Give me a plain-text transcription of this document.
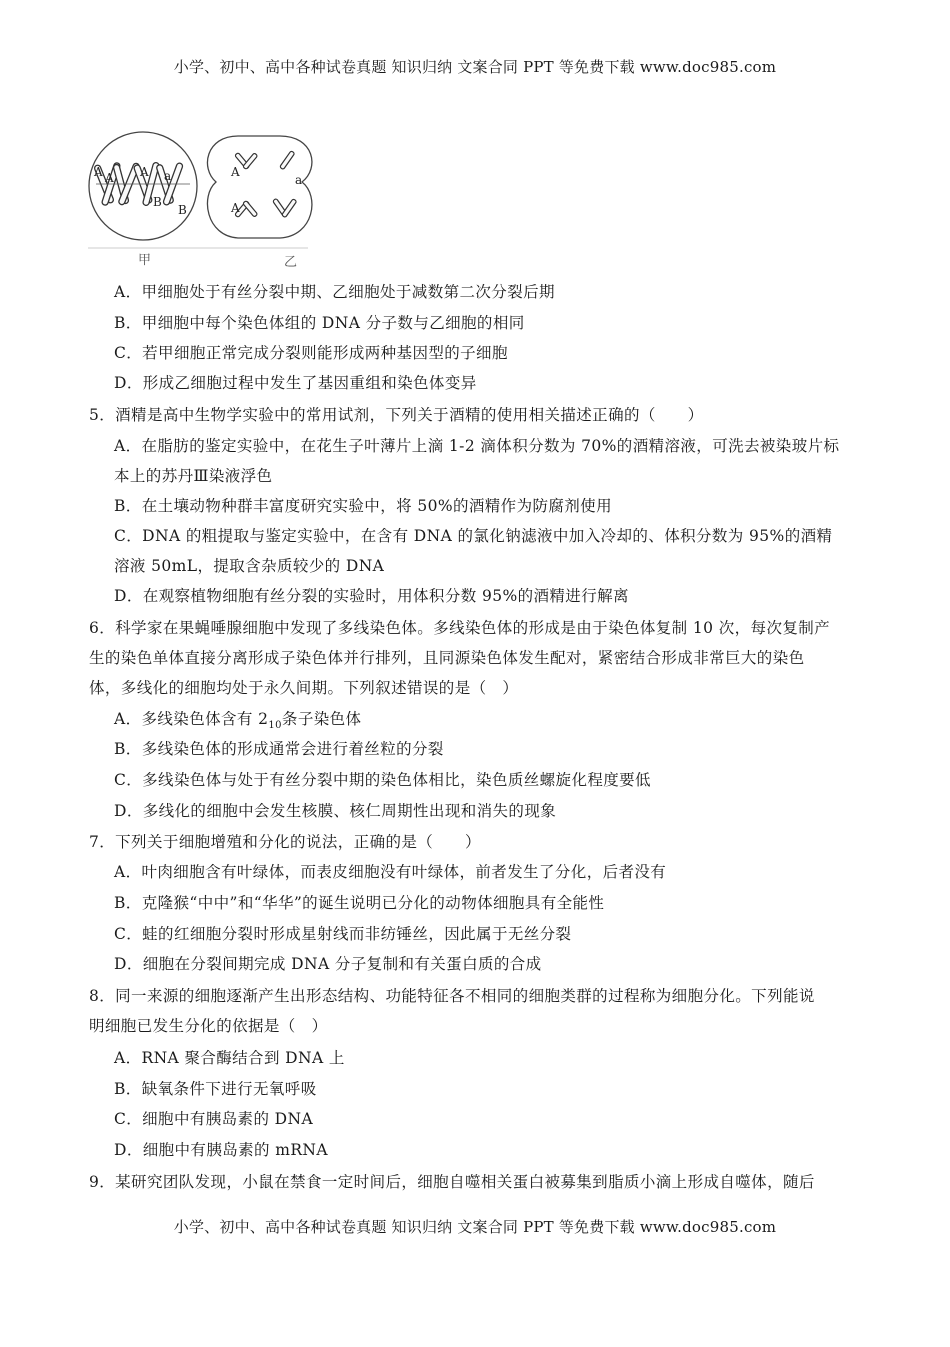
小学、初中、高中各种试卷真题 知识归纳 文案合同 PPT 等免费下载 www.doc985.com
A A A a
B
B
A
a
A
甲	乙
A．甲细胞处于有丝分裂中期、乙细胞处于减数第二次分裂后期
B．甲细胞中每个染色体组的 DNA 分子数与乙细胞的相同
C．若甲细胞正常完成分裂则能形成两种基因型的子细胞
D．形成乙细胞过程中发生了基因重组和染色体变异
5．酒精是高中生物学实验中的常用试剂，下列关于酒精的使用相关描述正确的（　　）
A．在脂肪的鉴定实验中，在花生子叶薄片上滴 1-2 滴体积分数为 70%的酒精溶液，可洗去被染玻片标
本上的苏丹Ⅲ染液浮色
B．在土壤动物种群丰富度研究实验中，将 50%的酒精作为防腐剂使用
C．DNA 的粗提取与鉴定实验中，在含有 DNA 的氯化钠滤液中加入冷却的、体积分数为 95%的酒精
溶液 50mL，提取含杂质较少的 DNA
D．在观察植物细胞有丝分裂的实验时，用体积分数 95%的酒精进行解离
6．科学家在果蝇唾腺细胞中发现了多线染色体。多线染色体的形成是由于染色体复制 10 次，每次复制产
生的染色单体直接分离形成子染色体并行排列，且同源染色体发生配对，紧密结合形成非常巨大的染色
体，多线化的细胞均处于永久间期。下列叙述错误的是（　）
A．多线染色体含有 $2_{10}$条子染色体
B．多线染色体的形成通常会进行着丝粒的分裂
C．多线染色体与处于有丝分裂中期的染色体相比，染色质丝螺旋化程度要低
D．多线化的细胞中会发生核膜、核仁周期性出现和消失的现象
7．下列关于细胞增殖和分化的说法，正确的是（　　）
A．叶肉细胞含有叶绿体，而表皮细胞没有叶绿体，前者发生了分化，后者没有
B．克隆猴“中中”和“华华”的诞生说明已分化的动物体细胞具有全能性
C．蛙的红细胞分裂时形成星射线而非纺锤丝，因此属于无丝分裂
D．细胞在分裂间期完成 DNA 分子复制和有关蛋白质的合成
8．同一来源的细胞逐渐产生出形态结构、功能特征各不相同的细胞类群的过程称为细胞分化。下列能说
明细胞已发生分化的依据是（　）
A．RNA 聚合酶结合到 DNA 上
B．缺氧条件下进行无氧呼吸
C．细胞中有胰岛素的 DNA
D．细胞中有胰岛素的 mRNA
9．某研究团队发现，小鼠在禁食一定时间后，细胞自噬相关蛋白被募集到脂质小滴上形成自噬体，随后
小学、初中、高中各种试卷真题 知识归纳 文案合同 PPT 等免费下载 www.doc985.com
